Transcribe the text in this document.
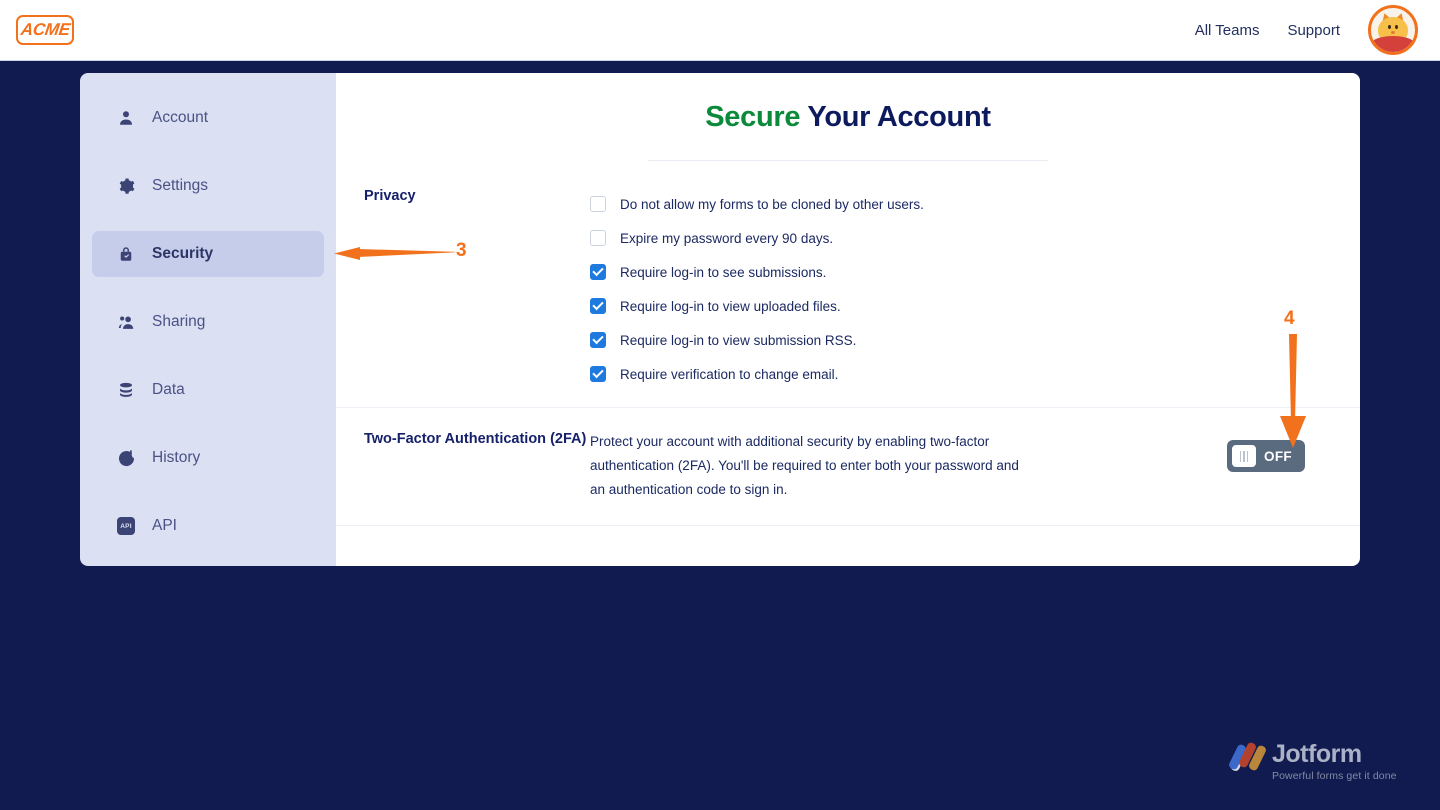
ACME	All Teams Support
Account
Settings
Security
Sharing
Data
History
API API
Secure Your Account
Privacy	Do not allow my forms to be cloned by other users.
Expire my password every 90 days.
Require log-in to see submissions.
Require log-in to view uploaded files.
Require log-in to view submission RSS.
Require verification to change email.
Two-Factor Authentication (2FA) Protect your account with additional security by enabling two-factor authentication (2FA). You'll be required to enter both your password and an authentication code to sign in.
OFF
3
4
Jotform
Powerful forms get it done
